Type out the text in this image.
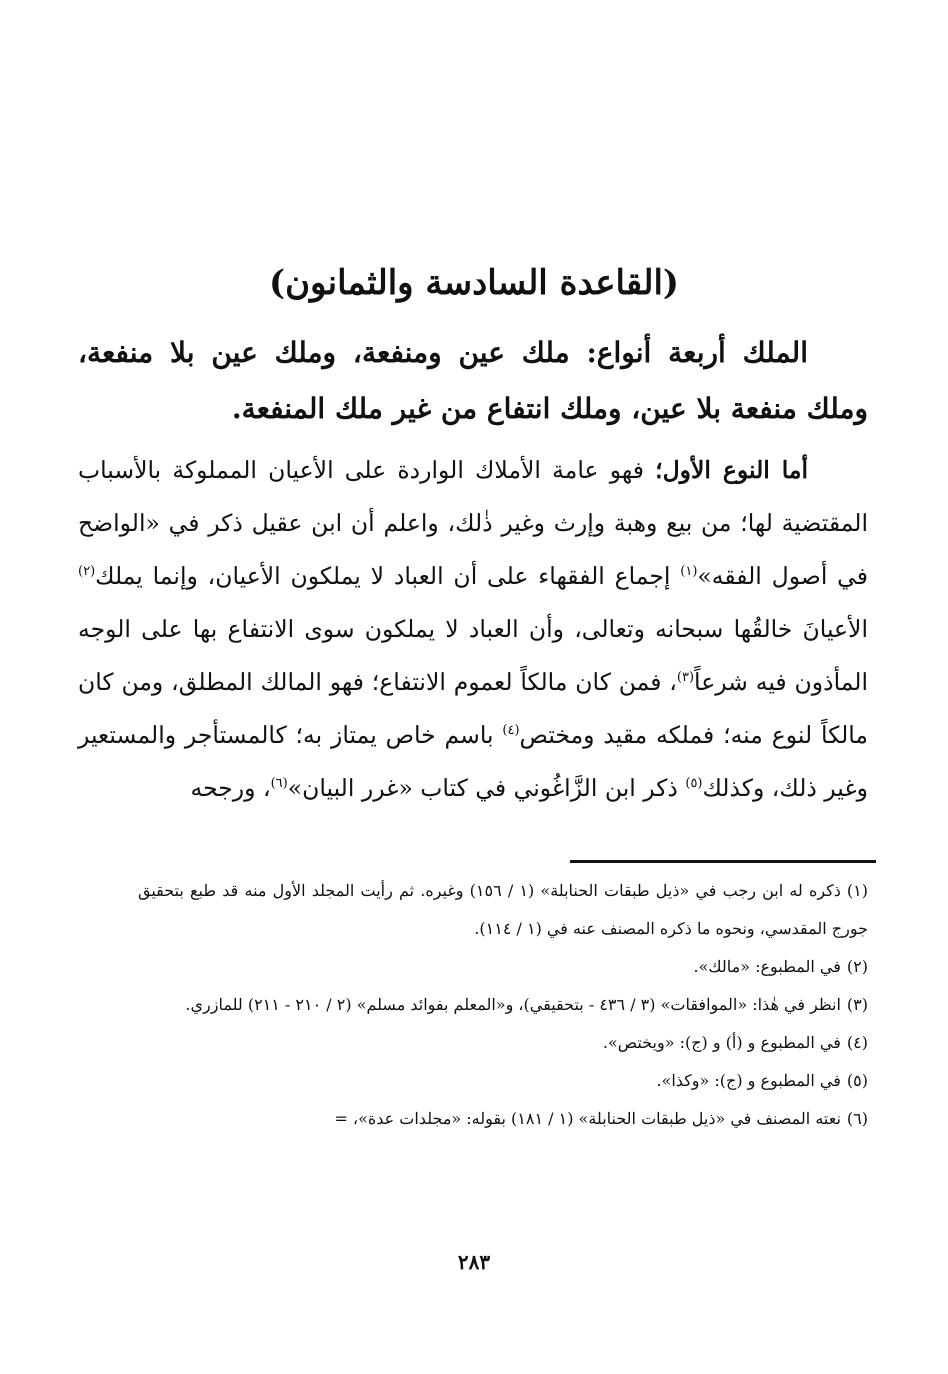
(القاعدة السادسة والثمانون)
الملك أربعة أنواع: ملك عين ومنفعة، وملك عين بلا منفعة، وملك منفعة بلا عين، وملك انتفاع من غير ملك المنفعة.
أما النوع الأول؛ فهو عامة الأملاك الواردة على الأعيان المملوكة بالأسباب المقتضية لها؛ من بيع وهبة وإرث وغير ذٰلك، واعلم أن ابن عقيل ذكر في «الواضح في أصول الفقه»$^{(١)}$ إجماع الفقهاء على أن العباد لا يملكون الأعيان، وإنما يملك$^{(٢)}$ الأعيانَ خالقُها سبحانه وتعالى، وأن العباد لا يملكون سوى الانتفاع بها على الوجه المأذون فيه شرعاً$^{(٣)}$، فمن كان مالكاً لعموم الانتفاع؛ فهو المالك المطلق، ومن كان مالكاً لنوع منه؛ فملكه مقيد ومختص$^{(٤)}$ باسم خاص يمتاز به؛ كالمستأجر والمستعير وغير ذلك، وكذلك$^{(٥)}$ ذكر ابن الزَّاغُوني في كتاب «غرر البيان»$^{(٦)}$، ورجحه

(١)ذكره له ابن رجب في «ذيل طبقات الحنابلة» (١ / ١٥٦) وغيره. ثم رأيت المجلد الأول منه قد طبع بتحقيق جورج المقدسي، ونحوه ما ذكره المصنف عنه في (١ / ١١٤).

(٢)في المطبوع: «مالك».

(٣)انظر في هٰذا: «الموافقات» (٣ / ٤٣٦ - بتحقيقي)، و«المعلم بفوائد مسلم» (٢ / ٢١٠ - ٢١١) للمازري.

(٤)في المطبوع و (أ) و (ج): «ويختص».

(٥)في المطبوع و (ج): «وكذا».

(٦)نعته المصنف في «ذيل طبقات الحنابلة» (١ / ١٨١) بقوله: «مجلدات عدة»، =

٢٨٣
